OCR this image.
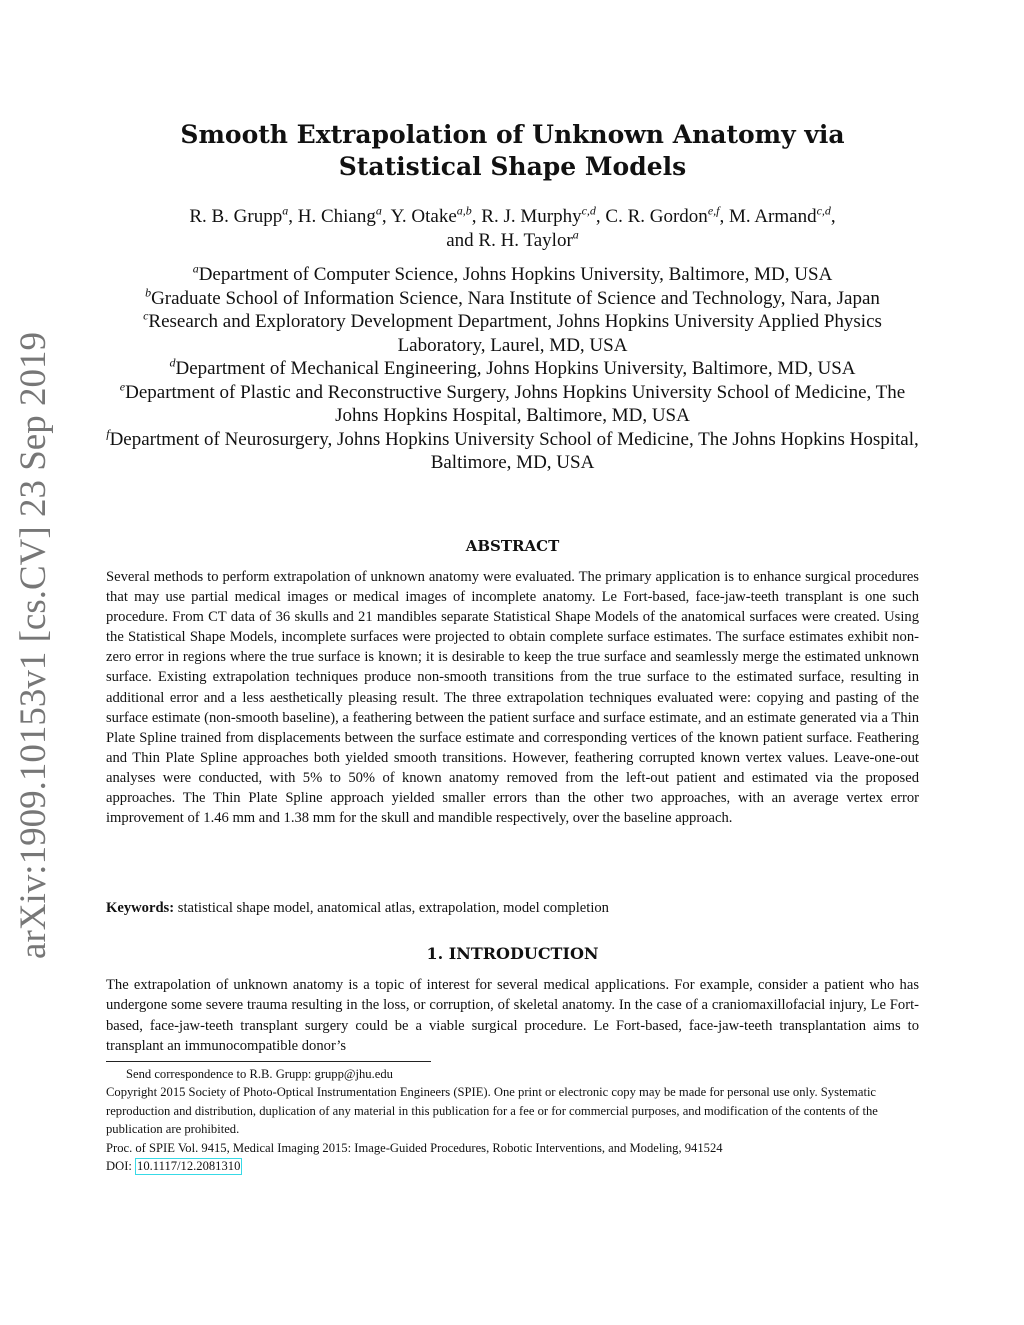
arXiv:1909.10153v1 [cs.CV] 23 Sep 2019
Smooth Extrapolation of Unknown Anatomy via Statistical Shape Models
R. B. Grupp$^a$, H. Chiang$^a$, Y. Otake$^{a,b}$, R. J. Murphy$^{c,d}$, C. R. Gordon$^{e,f}$, M. Armand$^{c,d}$,
and R. H. Taylor$^a$

$^a$Department of Computer Science, Johns Hopkins University, Baltimore, MD, USA

$^b$Graduate School of Information Science, Nara Institute of Science and Technology, Nara, Japan

$^c$Research and Exploratory Development Department, Johns Hopkins University Applied Physics Laboratory, Laurel, MD, USA

$^d$Department of Mechanical Engineering, Johns Hopkins University, Baltimore, MD, USA

$^e$Department of Plastic and Reconstructive Surgery, Johns Hopkins University School of Medicine, The Johns Hopkins Hospital, Baltimore, MD, USA

$^f$Department of Neurosurgery, Johns Hopkins University School of Medicine, The Johns Hopkins Hospital, Baltimore, MD, USA

ABSTRACT

Several methods to perform extrapolation of unknown anatomy were evaluated. The primary application is to enhance surgical procedures that may use partial medical images or medical images of incomplete anatomy. Le Fort-based, face-jaw-teeth transplant is one such procedure. From CT data of 36 skulls and 21 mandibles separate Statistical Shape Models of the anatomical surfaces were created. Using the Statistical Shape Models, incomplete surfaces were projected to obtain complete surface estimates. The surface estimates exhibit non-zero error in regions where the true surface is known; it is desirable to keep the true surface and seamlessly merge the estimated unknown surface. Existing extrapolation techniques produce non-smooth transitions from the true surface to the estimated surface, resulting in additional error and a less aesthetically pleasing result. The three extrapolation techniques evaluated were: copying and pasting of the surface estimate (non-smooth baseline), a feathering between the patient surface and surface estimate, and an estimate generated via a Thin Plate Spline trained from displacements between the surface estimate and corresponding vertices of the known patient surface. Feathering and Thin Plate Spline approaches both yielded smooth transitions. However, feathering corrupted known vertex values. Leave-one-out analyses were conducted, with 5% to 50% of known anatomy removed from the left-out patient and estimated via the proposed approaches. The Thin Plate Spline approach yielded smaller errors than the other two approaches, with an average vertex error improvement of 1.46 mm and 1.38 mm for the skull and mandible respectively, over the baseline approach.

Keywords: statistical shape model, anatomical atlas, extrapolation, model completion

1. INTRODUCTION

The extrapolation of unknown anatomy is a topic of interest for several medical applications. For example, consider a patient who has undergone some severe trauma resulting in the loss, or corruption, of skeletal anatomy. In the case of a craniomaxillofacial injury, Le Fort-based, face-jaw-teeth transplant surgery could be a viable surgical procedure. Le Fort-based, face-jaw-teeth transplantation aims to transplant an immunocompatible donor’s

Send correspondence to R.B. Grupp: grupp@jhu.edu

Copyright 2015 Society of Photo-Optical Instrumentation Engineers (SPIE). One print or electronic copy may be made for personal use only. Systematic reproduction and distribution, duplication of any material in this publication for a fee or for commercial purposes, and modification of the contents of the publication are prohibited.

Proc. of SPIE Vol. 9415, Medical Imaging 2015: Image-Guided Procedures, Robotic Interventions, and Modeling, 941524

DOI: 10.1117/12.2081310
